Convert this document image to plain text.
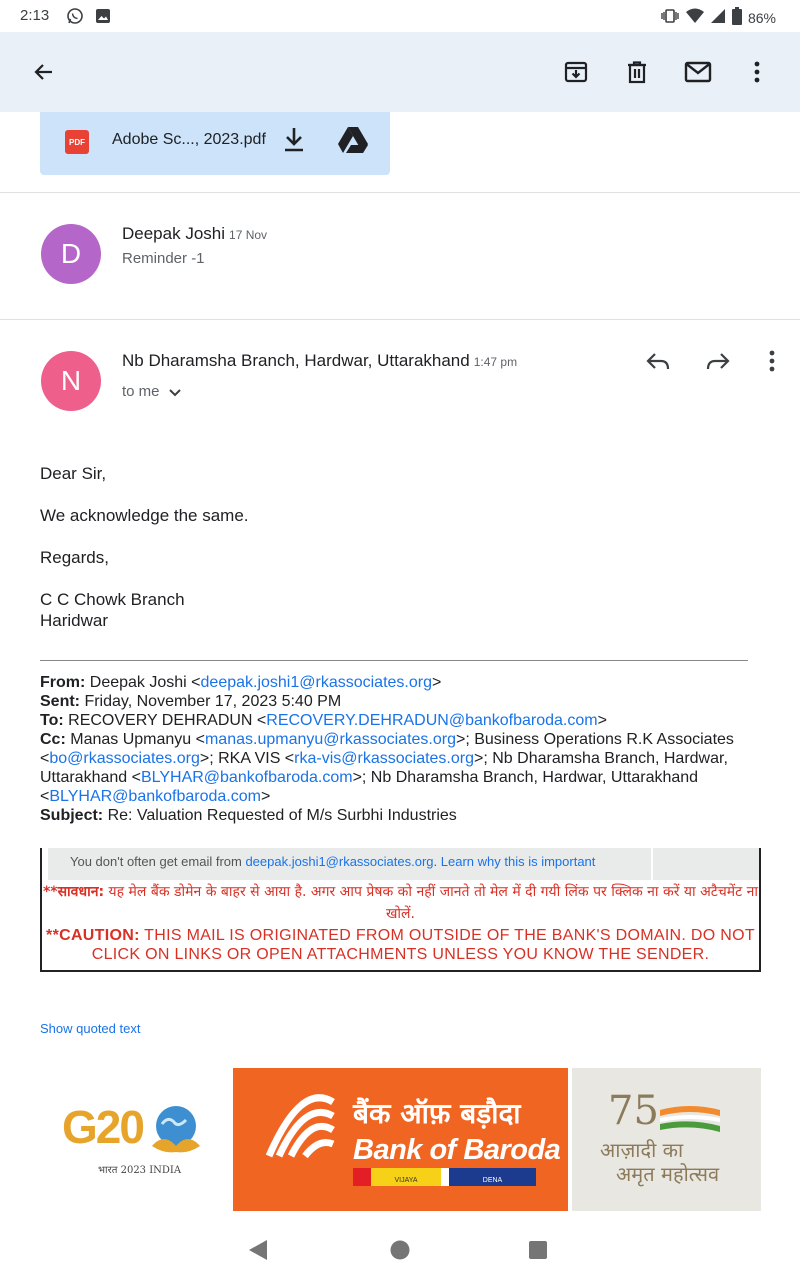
2:13	86%
PDF Adobe Sc..., 2023.pdf
D
Deepak Joshi 17 Nov
Reminder -1
N
Nb Dharamsha Branch, Hardwar, Uttarakhand 1:47 pm
to me
Dear Sir,
We acknowledge the same.
Regards,
C C Chowk Branch
Haridwar
From: Deepak Joshi <deepak.joshi1@rkassociates.org>
Sent: Friday, November 17, 2023 5:40 PM
To: RECOVERY DEHRADUN <RECOVERY.DEHRADUN@bankofbaroda.com>
Cc: Manas Upmanyu <manas.upmanyu@rkassociates.org>; Business Operations R.K Associates <bo@rkassociates.org>; RKA VIS <rka-vis@rkassociates.org>; Nb Dharamsha Branch, Hardwar, Uttarakhand <BLYHAR@bankofbaroda.com>; Nb Dharamsha Branch, Hardwar, Uttarakhand <BLYHAR@bankofbaroda.com>
Subject: Re: Valuation Requested of M/s Surbhi Industries
You don't often get email from deepak.joshi1@rkassociates.org. Learn why this is important
**सावधान: यह मेल बैंक डोमेन के बाहर से आया है. अगर आप प्रेषक को नहीं जानते तो मेल में दी गयी लिंक पर क्लिक ना करें या अटैचमेंट ना खोलें.
**CAUTION: THIS MAIL IS ORIGINATED FROM OUTSIDE OF THE BANK'S DOMAIN. DO NOT CLICK ON LINKS OR OPEN ATTACHMENTS UNLESS YOU KNOW THE SENDER.
Show quoted text
G20
भारत 2023 INDIA
बैंक ऑफ़ बड़ौदा
Bank of Baroda
VIJAYA	DENA
75
आज़ादी का
अमृत महोत्सव
